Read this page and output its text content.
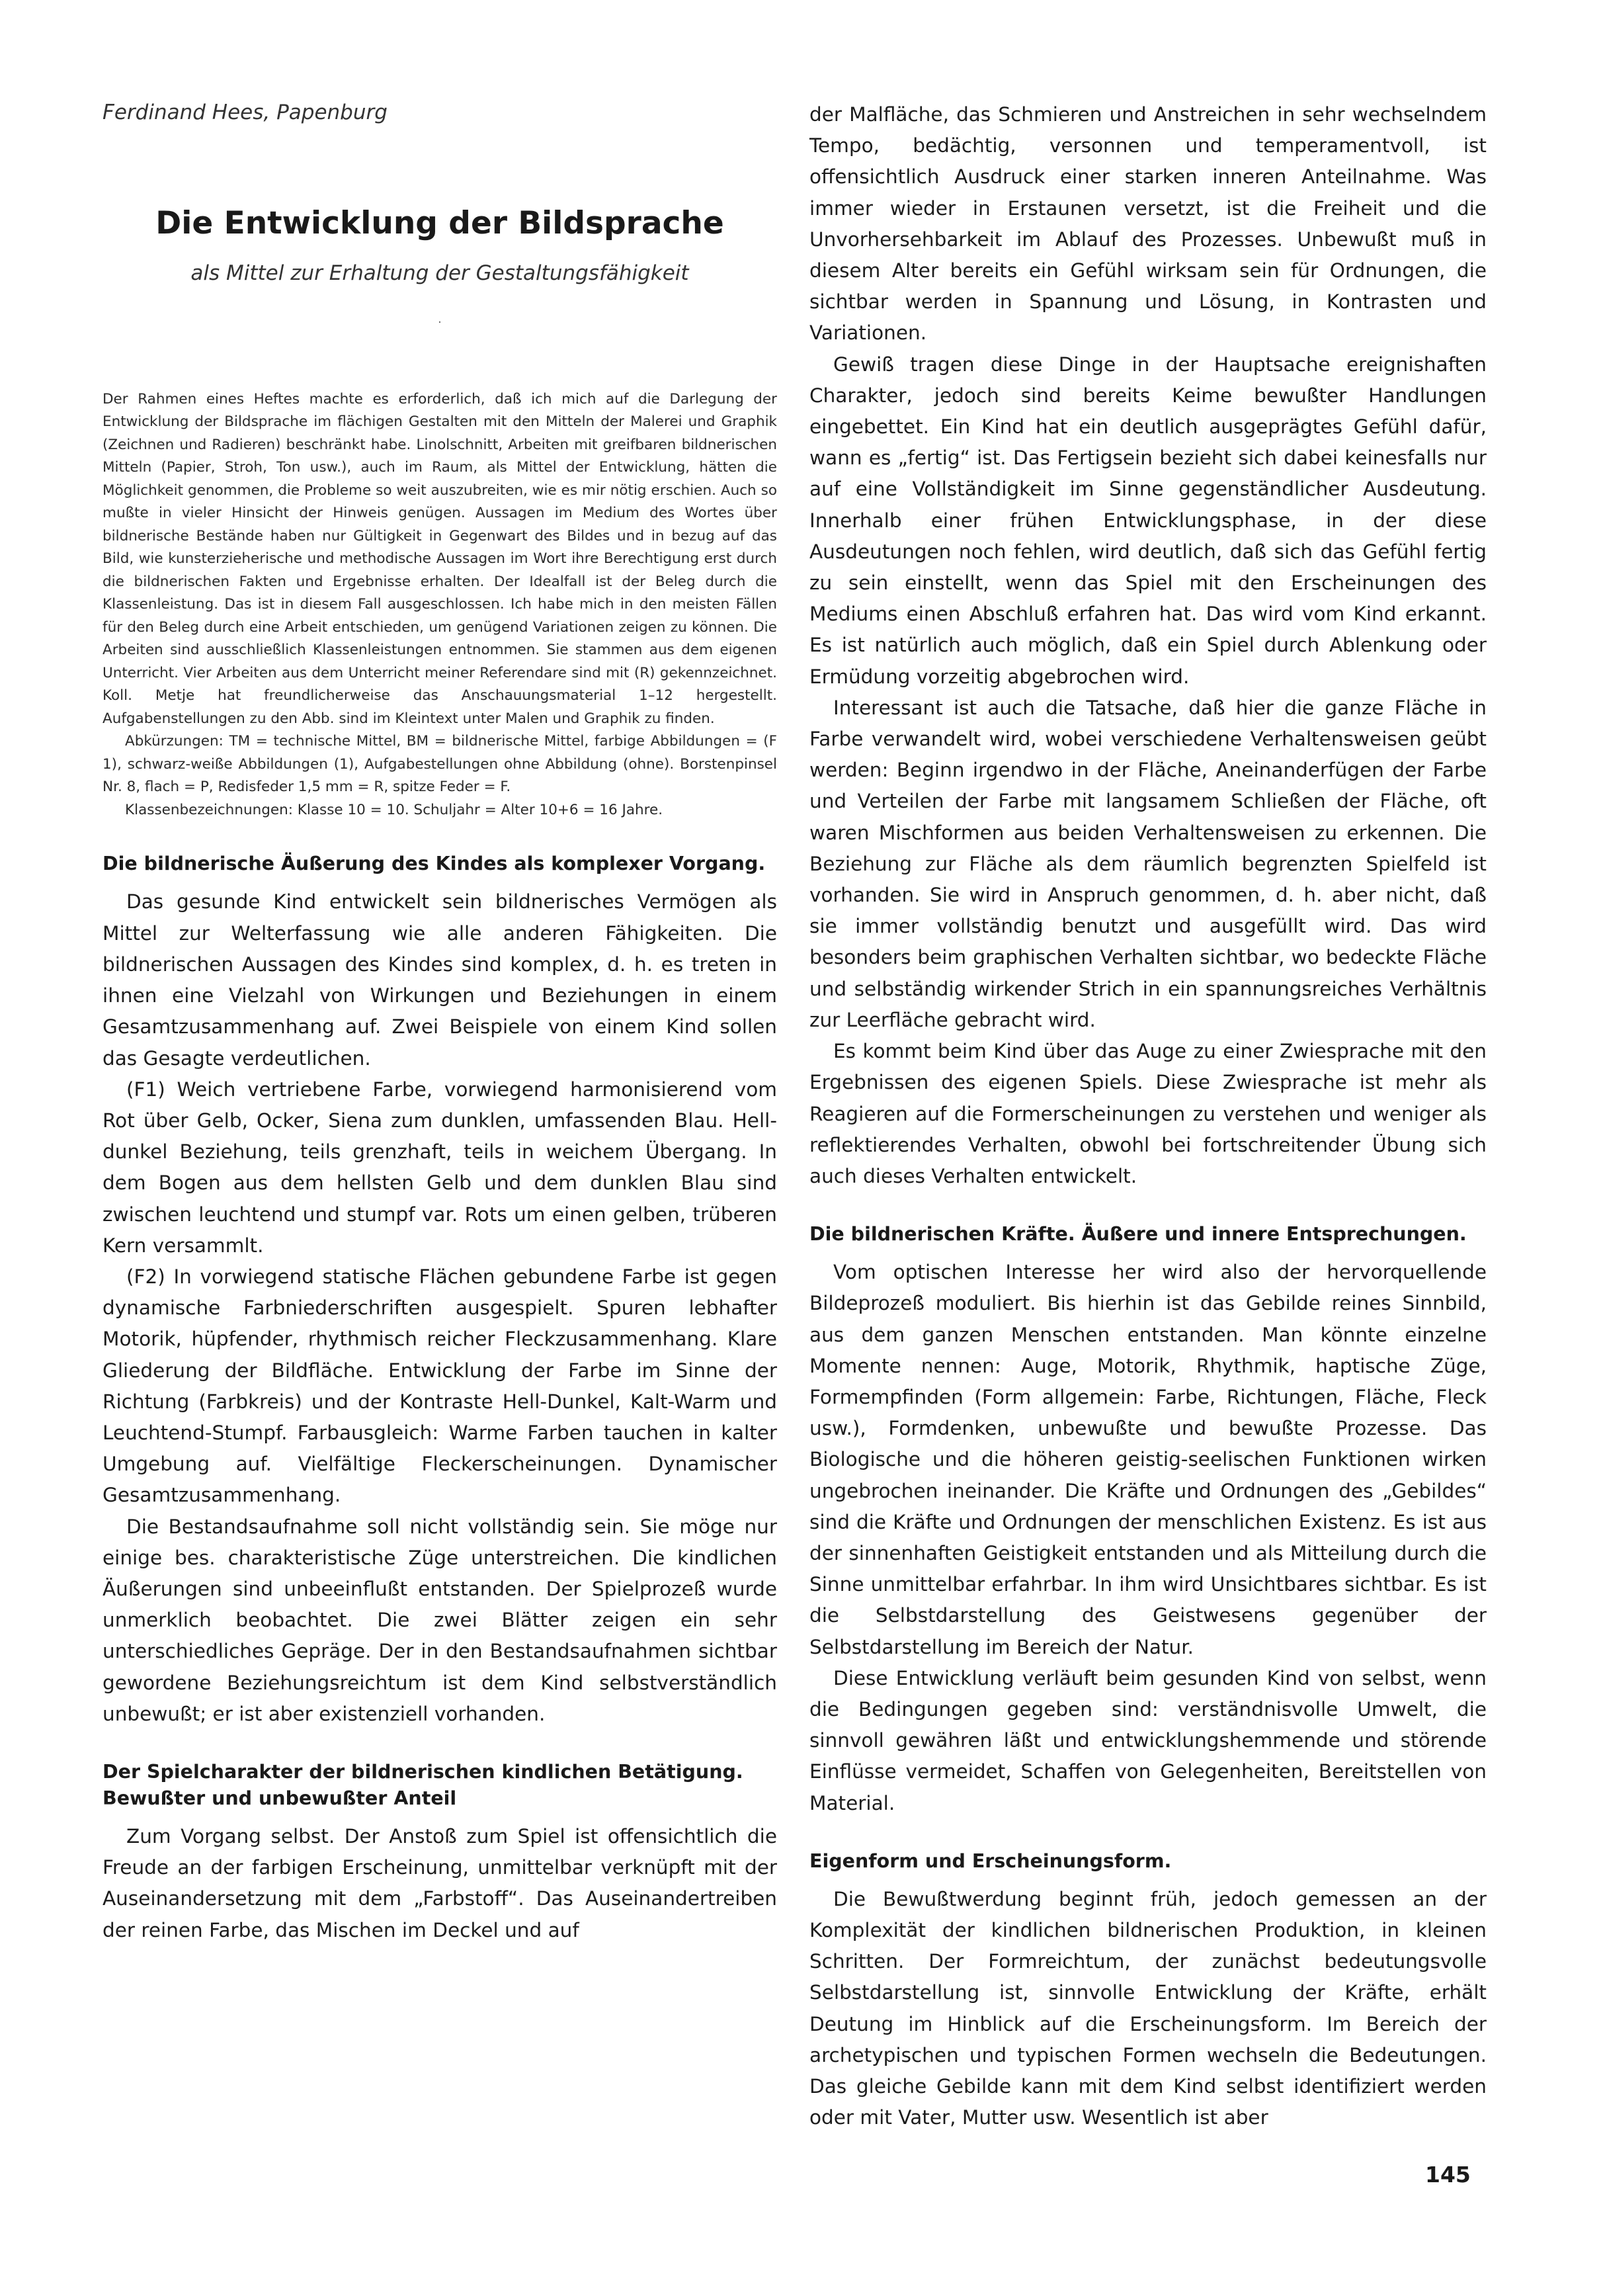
Ferdinand Hees, Papenburg
Die Entwicklung der Bildsprache
als Mittel zur Erhaltung der Gestaltungsfähigkeit
·

Der Rahmen eines Heftes machte es erforderlich, daß ich mich auf die Darlegung der Entwicklung der Bildsprache im flächigen Gestalten mit den Mitteln der Malerei und Graphik (Zeichnen und Radieren) beschränkt habe. Linolschnitt, Arbeiten mit greifbaren bildnerischen Mitteln (Papier, Stroh, Ton usw.), auch im Raum, als Mittel der Entwicklung, hätten die Möglichkeit genommen, die Probleme so weit auszubreiten, wie es mir nötig erschien. Auch so mußte in vieler Hinsicht der Hinweis genügen. Aussagen im Medium des Wortes über bildnerische Bestände haben nur Gültigkeit in Gegenwart des Bildes und in bezug auf das Bild, wie kunsterzieherische und methodische Aussagen im Wort ihre Berechtigung erst durch die bildnerischen Fakten und Ergebnisse erhalten. Der Idealfall ist der Beleg durch die Klassenleistung. Das ist in diesem Fall ausgeschlossen. Ich habe mich in den meisten Fällen für den Beleg durch eine Arbeit entschieden, um genügend Variationen zeigen zu können. Die Arbeiten sind ausschließlich Klassenleistungen entnommen. Sie stammen aus dem eigenen Unterricht. Vier Arbeiten aus dem Unterricht meiner Referendare sind mit (R) gekennzeichnet. Koll. Metje hat freundlicherweise das Anschauungsmaterial 1–12 hergestellt. Aufgabenstellungen zu den Abb. sind im Kleintext unter Malen und Graphik zu finden.

Abkürzungen: TM = technische Mittel, BM = bildnerische Mittel, farbige Abbildungen = (F 1), schwarz-weiße Abbildungen (1), Aufgabestellungen ohne Abbildung (ohne). Borstenpinsel Nr. 8, flach = P, Redisfeder 1,5 mm = R, spitze Feder = F.

Klassenbezeichnungen: Klasse 10 = 10. Schuljahr = Alter 10+6 = 16 Jahre.

Die bildnerische Äußerung des Kindes als komplexer Vorgang.

Das gesunde Kind entwickelt sein bildnerisches Vermögen als Mittel zur Welterfassung wie alle anderen Fähigkeiten. Die bildnerischen Aussagen des Kindes sind komplex, d. h. es treten in ihnen eine Vielzahl von Wirkungen und Beziehungen in einem Gesamtzusammenhang auf. Zwei Beispiele von einem Kind sollen das Gesagte verdeutlichen.

(F1) Weich vertriebene Farbe, vorwiegend harmonisierend vom Rot über Gelb, Ocker, Siena zum dunklen, umfassenden Blau. Hell-dunkel Beziehung, teils grenzhaft, teils in weichem Übergang. In dem Bogen aus dem hellsten Gelb und dem dunklen Blau sind zwischen leuchtend und stumpf var. Rots um einen gelben, trüberen Kern versammlt.

(F2) In vorwiegend statische Flächen gebundene Farbe ist gegen dynamische Farbniederschriften ausgespielt. Spuren lebhafter Motorik, hüpfender, rhythmisch reicher Fleckzusammenhang. Klare Gliederung der Bildfläche. Entwicklung der Farbe im Sinne der Richtung (Farbkreis) und der Kontraste Hell-Dunkel, Kalt-Warm und Leuchtend-Stumpf. Farbausgleich: Warme Farben tauchen in kalter Umgebung auf. Vielfältige Fleckerscheinungen. Dynamischer Gesamtzusammenhang.

Die Bestandsaufnahme soll nicht vollständig sein. Sie möge nur einige bes. charakteristische Züge unterstreichen. Die kindlichen Äußerungen sind unbeeinflußt entstanden. Der Spielprozeß wurde unmerklich beobachtet. Die zwei Blätter zeigen ein sehr unterschiedliches Gepräge. Der in den Bestandsaufnahmen sichtbar gewordene Beziehungsreichtum ist dem Kind selbstverständlich unbewußt; er ist aber existenziell vorhanden.

Der Spielcharakter der bildnerischen kindlichen Betätigung. Bewußter und unbewußter Anteil

Zum Vorgang selbst. Der Anstoß zum Spiel ist offensichtlich die Freude an der farbigen Erscheinung, unmittelbar verknüpft mit der Auseinandersetzung mit dem „Farbstoff“. Das Auseinandertreiben der reinen Farbe, das Mischen im Deckel und auf

der Malfläche, das Schmieren und Anstreichen in sehr wechselndem Tempo, bedächtig, versonnen und temperamentvoll, ist offensichtlich Ausdruck einer starken inneren Anteilnahme. Was immer wieder in Erstaunen versetzt, ist die Freiheit und die Unvorhersehbarkeit im Ablauf des Prozesses. Unbewußt muß in diesem Alter bereits ein Gefühl wirksam sein für Ordnungen, die sichtbar werden in Spannung und Lösung, in Kontrasten und Variationen.

Gewiß tragen diese Dinge in der Hauptsache ereignishaften Charakter, jedoch sind bereits Keime bewußter Handlungen eingebettet. Ein Kind hat ein deutlich ausgeprägtes Gefühl dafür, wann es „fertig“ ist. Das Fertigsein bezieht sich dabei keinesfalls nur auf eine Vollständigkeit im Sinne gegenständlicher Ausdeutung. Innerhalb einer frühen Entwicklungsphase, in der diese Ausdeutungen noch fehlen, wird deutlich, daß sich das Gefühl fertig zu sein einstellt, wenn das Spiel mit den Erscheinungen des Mediums einen Abschluß erfahren hat. Das wird vom Kind erkannt. Es ist natürlich auch möglich, daß ein Spiel durch Ablenkung oder Ermüdung vorzeitig abgebrochen wird.

Interessant ist auch die Tatsache, daß hier die ganze Fläche in Farbe verwandelt wird, wobei verschiedene Verhaltensweisen geübt werden: Beginn irgendwo in der Fläche, Aneinanderfügen der Farbe und Verteilen der Farbe mit langsamem Schließen der Fläche, oft waren Mischformen aus beiden Verhaltensweisen zu erkennen. Die Beziehung zur Fläche als dem räumlich begrenzten Spielfeld ist vorhanden. Sie wird in Anspruch genommen, d. h. aber nicht, daß sie immer vollständig benutzt und ausgefüllt wird. Das wird besonders beim graphischen Verhalten sichtbar, wo bedeckte Fläche und selbständig wirkender Strich in ein spannungsreiches Verhältnis zur Leerfläche gebracht wird.

Es kommt beim Kind über das Auge zu einer Zwiesprache mit den Ergebnissen des eigenen Spiels. Diese Zwiesprache ist mehr als Reagieren auf die Formerscheinungen zu verstehen und weniger als reflektierendes Verhalten, obwohl bei fortschreitender Übung sich auch dieses Verhalten entwickelt.

Die bildnerischen Kräfte. Äußere und innere Entsprechungen.

Vom optischen Interesse her wird also der hervorquellende Bildeprozeß moduliert. Bis hierhin ist das Gebilde reines Sinnbild, aus dem ganzen Menschen entstanden. Man könnte einzelne Momente nennen: Auge, Motorik, Rhythmik, haptische Züge, Formempfinden (Form allgemein: Farbe, Richtungen, Fläche, Fleck usw.), Formdenken, unbewußte und bewußte Prozesse. Das Biologische und die höheren geistig-seelischen Funktionen wirken ungebrochen ineinander. Die Kräfte und Ordnungen des „Gebildes“ sind die Kräfte und Ordnungen der menschlichen Existenz. Es ist aus der sinnenhaften Geistigkeit entstanden und als Mitteilung durch die Sinne unmittelbar erfahrbar. In ihm wird Unsichtbares sichtbar. Es ist die Selbstdarstellung des Geistwesens gegenüber der Selbstdarstellung im Bereich der Natur.

Diese Entwicklung verläuft beim gesunden Kind von selbst, wenn die Bedingungen gegeben sind: verständnisvolle Umwelt, die sinnvoll gewähren läßt und entwicklungshemmende und störende Einflüsse vermeidet, Schaffen von Gelegenheiten, Bereitstellen von Material.

Eigenform und Erscheinungsform.

Die Bewußtwerdung beginnt früh, jedoch gemessen an der Komplexität der kindlichen bildnerischen Produktion, in kleinen Schritten. Der Formreichtum, der zunächst bedeutungsvolle Selbstdarstellung ist, sinnvolle Entwicklung der Kräfte, erhält Deutung im Hinblick auf die Erscheinungsform. Im Bereich der archetypischen und typischen Formen wechseln die Bedeutungen. Das gleiche Gebilde kann mit dem Kind selbst identifiziert werden oder mit Vater, Mutter usw. Wesentlich ist aber

145
